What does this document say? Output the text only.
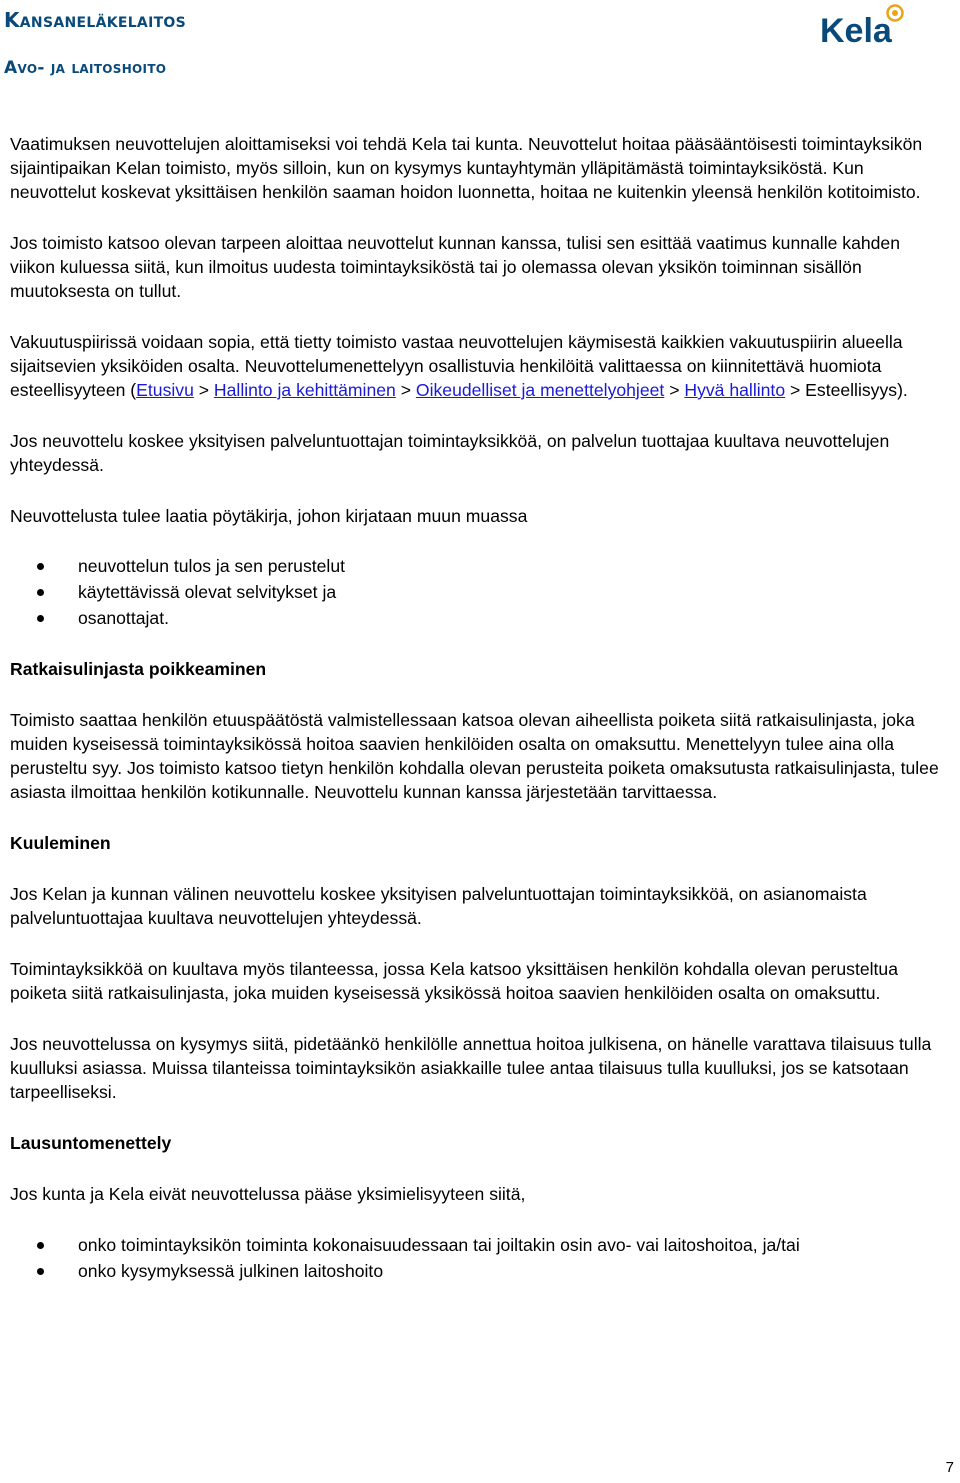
Kansaneläkelaitos
Avo- ja laitoshoito
Kela

Vaatimuksen neuvottelujen aloittamiseksi voi tehdä Kela tai kunta. Neuvottelut hoitaa pääsääntöisesti toimintayksikön sijaintipaikan Kelan toimisto, myös silloin, kun on kysymys kuntayhtymän ylläpitämästä toimintayksiköstä. Kun neuvottelut koskevat yksittäisen henkilön saaman hoidon luonnetta, hoitaa ne kuitenkin yleensä henkilön kotitoimisto.

Jos toimisto katsoo olevan tarpeen aloittaa neuvottelut kunnan kanssa, tulisi sen esittää vaatimus kunnalle kahden viikon kuluessa siitä, kun ilmoitus uudesta toimintayksiköstä tai jo olemassa olevan yksikön toiminnan sisällön muutoksesta on tullut.

Vakuutuspiirissä voidaan sopia, että tietty toimisto vastaa neuvottelujen käymisestä kaikkien vakuutuspiirin alueella sijaitsevien yksiköiden osalta. Neuvottelumenettelyyn osallistuvia henkilöitä valittaessa on kiinnitettävä huomiota esteellisyyteen (Etusivu > Hallinto ja kehittäminen > Oikeudelliset ja menettelyohjeet > Hyvä hallinto > Esteellisyys).

Jos neuvottelu koskee yksityisen palveluntuottajan toimintayksikköä, on palvelun tuottajaa kuultava neuvottelujen yhteydessä.

Neuvottelusta tulee laatia pöytäkirja, johon kirjataan muun muassa

neuvottelun tulos ja sen perustelut
käytettävissä olevat selvitykset ja
osanottajat.
Ratkaisulinjasta poikkeaminen

Toimisto saattaa henkilön etuuspäätöstä valmistellessaan katsoa olevan aiheellista poiketa siitä ratkaisulinjasta, joka muiden kyseisessä toimintayksikössä hoitoa saavien henkilöiden osalta on omaksuttu. Menettelyyn tulee aina olla perusteltu syy. Jos toimisto katsoo tietyn henkilön kohdalla olevan perusteita poiketa omaksutusta ratkaisulinjasta, tulee asiasta ilmoittaa henkilön kotikunnalle. Neuvottelu kunnan kanssa järjestetään tarvittaessa.

Kuuleminen

Jos Kelan ja kunnan välinen neuvottelu koskee yksityisen palveluntuottajan toimintayksikköä, on asianomaista palveluntuottajaa kuultava neuvottelujen yhteydessä.

Toimintayksikköä on kuultava myös tilanteessa, jossa Kela katsoo yksittäisen henkilön kohdalla olevan perusteltua poiketa siitä ratkaisulinjasta, joka muiden kyseisessä yksikössä hoitoa saavien henkilöiden osalta on omaksuttu.

Jos neuvottelussa on kysymys siitä, pidetäänkö henkilölle annettua hoitoa julkisena, on hänelle varattava tilaisuus tulla kuulluksi asiassa. Muissa tilanteissa toimintayksikön asiakkaille tulee antaa tilaisuus tulla kuulluksi, jos se katsotaan tarpeelliseksi.

Lausuntomenettely

Jos kunta ja Kela eivät neuvottelussa pääse yksimielisyyteen siitä,

onko toimintayksikön toiminta kokonaisuudessaan tai joiltakin osin avo- vai laitoshoitoa, ja/tai
onko kysymyksessä julkinen laitoshoito
7
